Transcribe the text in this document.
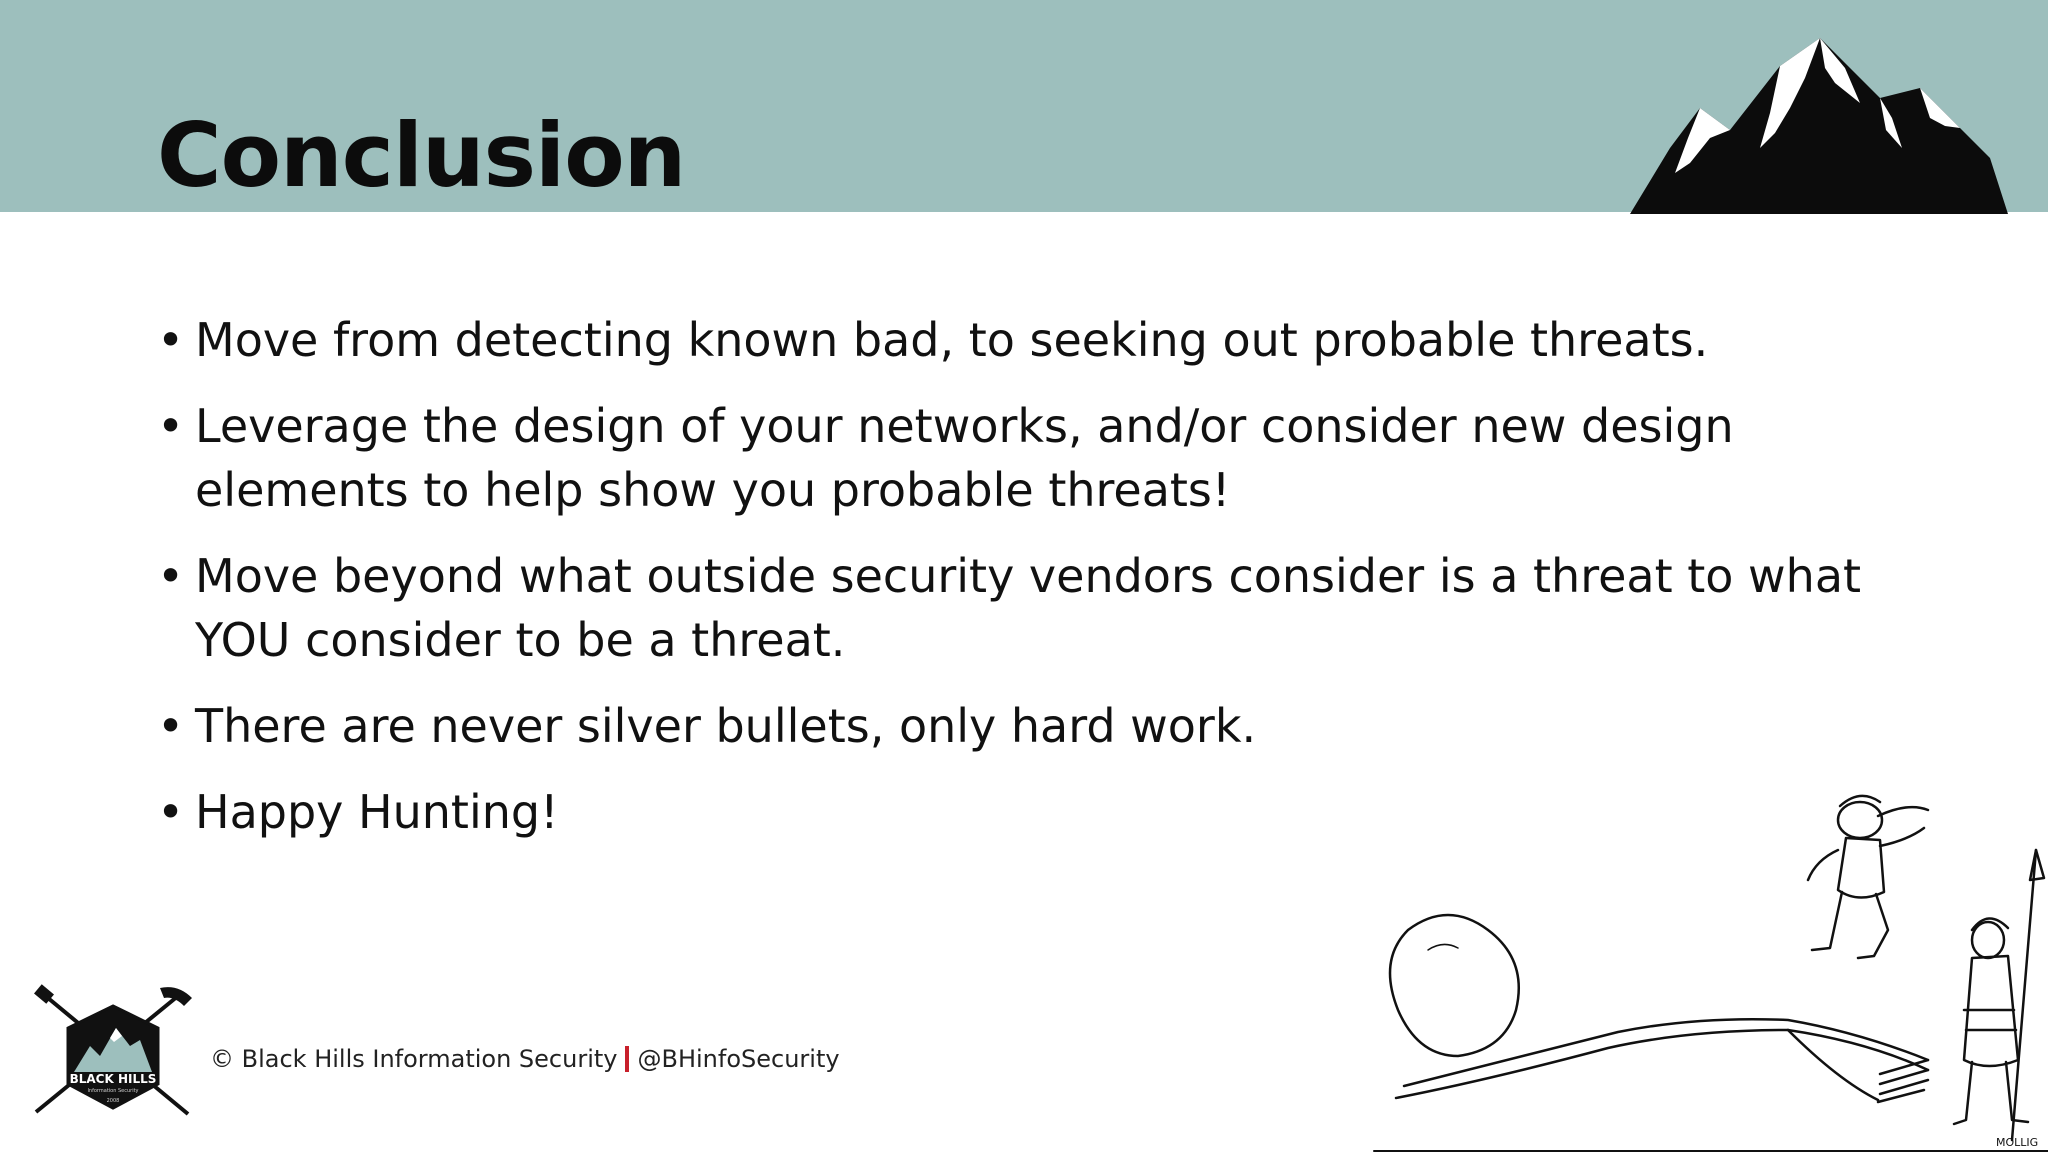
Conclusion
• Move from detecting known bad, to seeking out probable threats.
• Leverage the design of your networks, and/or consider new design elements to help show you probable threats!
• Move beyond what outside security vendors consider is a threat to what YOU consider to be a threat.
• There are never silver bullets, only hard work.
• Happy Hunting!
BLACK HILLS
Information Security
2008
© Black Hills Information Security @BHinfoSecurity
MOLLIG
